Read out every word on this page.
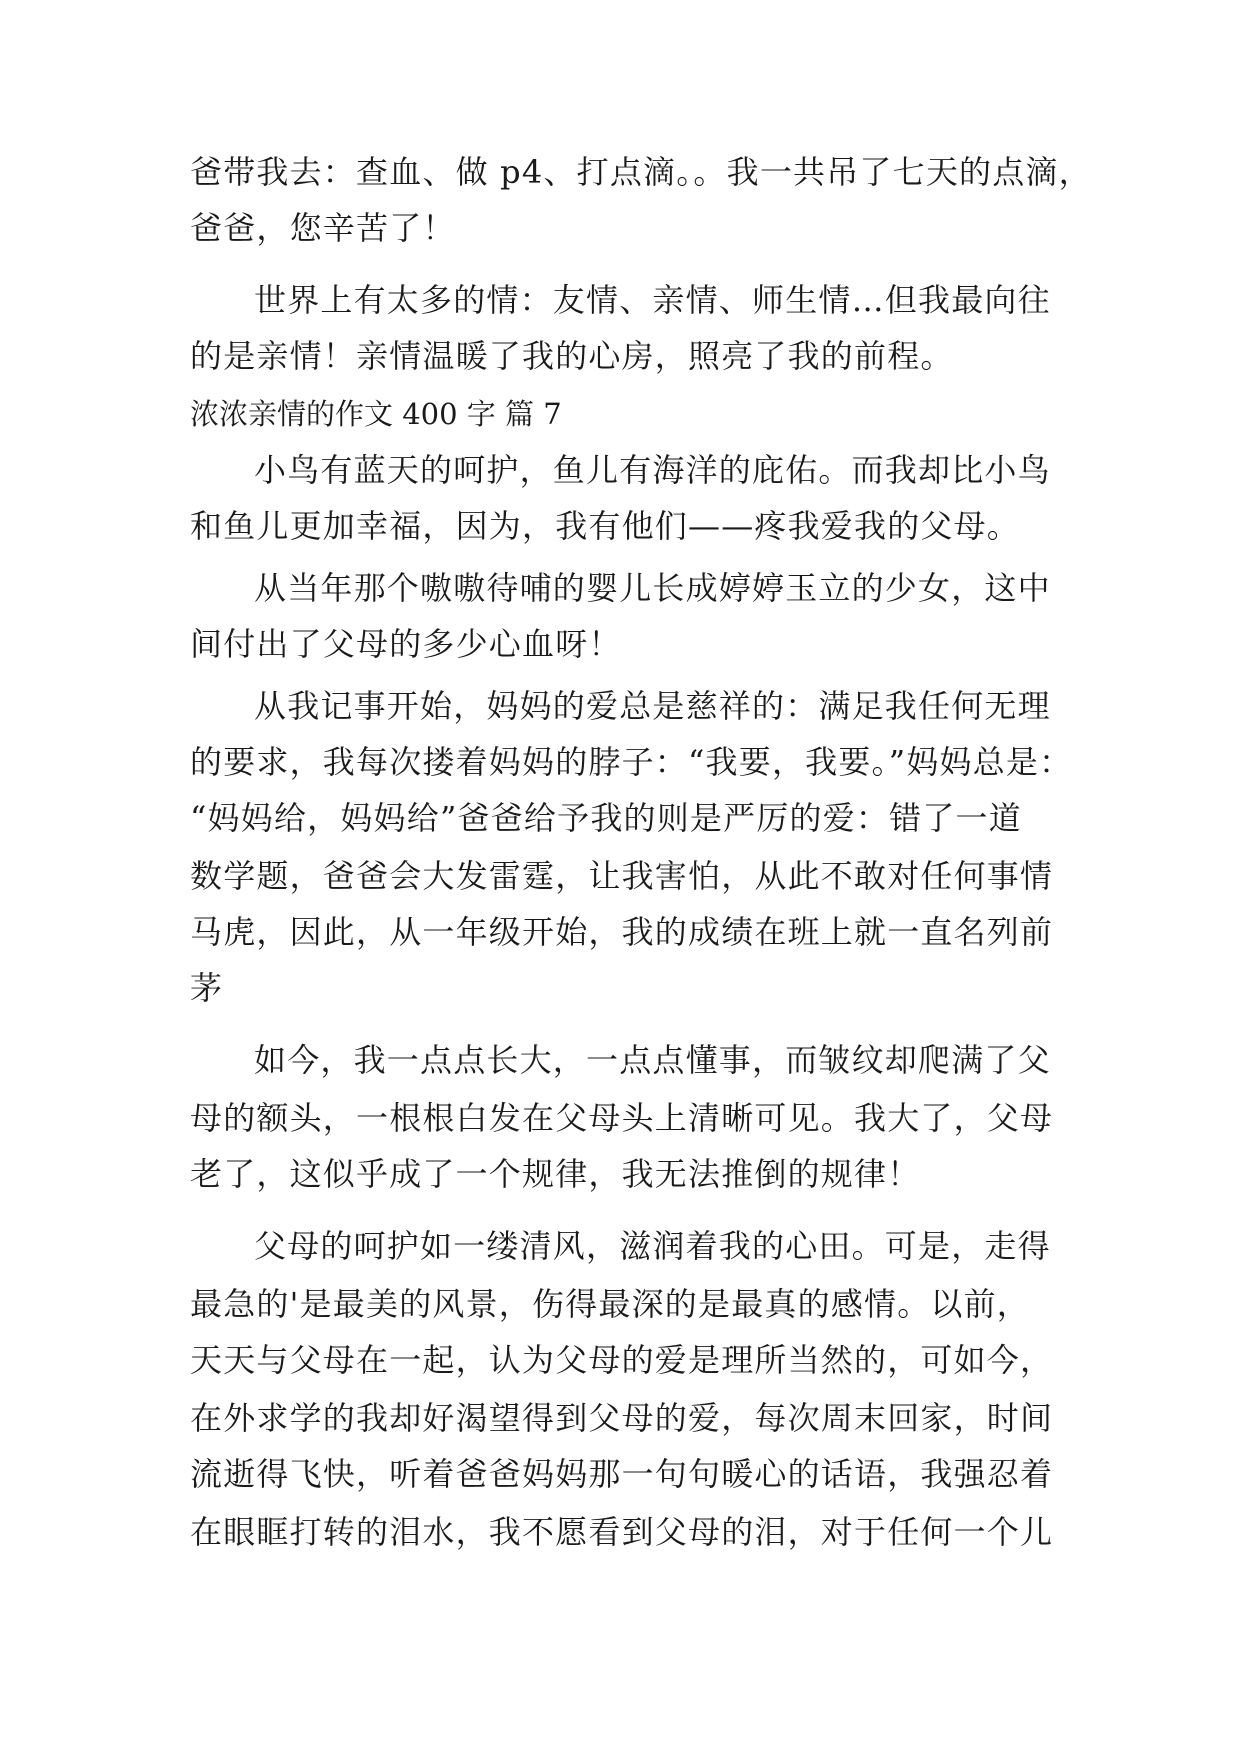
爸带我去：查血、做 p4、打点滴。。我一共吊了七天的点滴，
爸爸，您辛苦了！
世界上有太多的情：友情、亲情、师生情…但我最向往
的是亲情！亲情温暖了我的心房，照亮了我的前程。
浓浓亲情的作文 400 字 篇 7
小鸟有蓝天的呵护，鱼儿有海洋的庇佑。而我却比小鸟
和鱼儿更加幸福，因为，我有他们——疼我爱我的父母。
从当年那个嗷嗷待哺的婴儿长成婷婷玉立的少女，这中
间付出了父母的多少心血呀！
从我记事开始，妈妈的爱总是慈祥的：满足我任何无理
的要求，我每次搂着妈妈的脖子：“我要，我要。”妈妈总是：
“妈妈给，妈妈给”爸爸给予我的则是严厉的爱：错了一道
数学题，爸爸会大发雷霆，让我害怕，从此不敢对任何事情
马虎，因此，从一年级开始，我的成绩在班上就一直名列前
茅
如今，我一点点长大，一点点懂事，而皱纹却爬满了父
母的额头，一根根白发在父母头上清晰可见。我大了，父母
老了，这似乎成了一个规律，我无法推倒的规律！
父母的呵护如一缕清风，滋润着我的心田。可是，走得
最急的'是最美的风景，伤得最深的是最真的感情。以前，
天天与父母在一起，认为父母的爱是理所当然的，可如今，
在外求学的我却好渴望得到父母的爱，每次周末回家，时间
流逝得飞快，听着爸爸妈妈那一句句暖心的话语，我强忍着
在眼眶打转的泪水，我不愿看到父母的泪，对于任何一个儿
